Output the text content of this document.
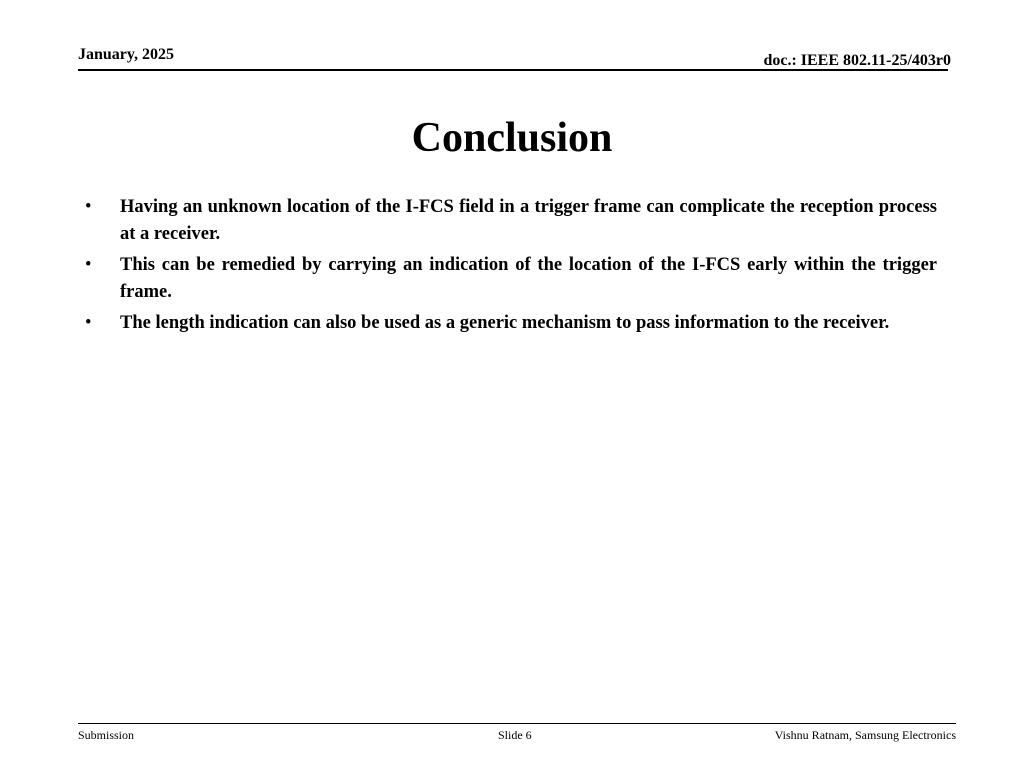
January, 2025	doc.: IEEE 802.11-25/403r0
Conclusion
• Having an unknown location of the I-FCS field in a trigger frame can complicate the reception process at a receiver.
• This can be remedied by carrying an indication of the location of the I-FCS early within the trigger frame.
• The length indication can also be used as a generic mechanism to pass information to the receiver.
Submission	Slide 6	Vishnu Ratnam, Samsung Electronics
